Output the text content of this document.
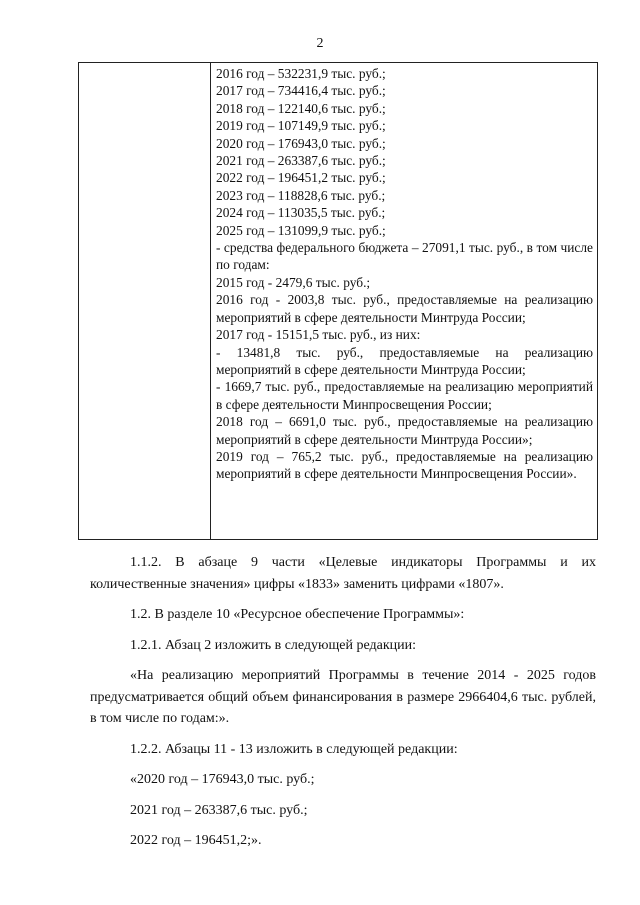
2
2016 год – 532231,9 тыс. руб.;
2017 год – 734416,4 тыс. руб.;
2018 год – 122140,6 тыс. руб.;
2019 год – 107149,9 тыс. руб.;
2020 год – 176943,0 тыс. руб.;
2021 год – 263387,6 тыс. руб.;
2022 год – 196451,2 тыс. руб.;
2023 год – 118828,6 тыс. руб.;
2024 год – 113035,5 тыс. руб.;
2025 год – 131099,9 тыс. руб.;
- средства федерального бюджета – 27091,1 тыс. руб., в том числе по годам:
2015 год - 2479,6 тыс. руб.;
2016 год - 2003,8 тыс. руб., предоставляемые на реализацию мероприятий в сфере деятельности Минтруда России;
2017 год - 15151,5 тыс. руб., из них:
- 13481,8 тыс. руб., предоставляемые на реализацию мероприятий в сфере деятельности Минтруда России;
- 1669,7 тыс. руб., предоставляемые на реализацию мероприятий в сфере деятельности Минпросвещения России;
2018 год – 6691,0 тыс. руб., предоставляемые на реализацию мероприятий в сфере деятельности Минтруда России»;
2019 год – 765,2 тыс. руб., предоставляемые на реализацию мероприятий в сфере деятельности Минпросвещения России».

1.1.2. В абзаце 9 части «Целевые индикаторы Программы и их количественные значения» цифры «1833» заменить цифрами «1807».

1.2. В разделе 10 «Ресурсное обеспечение Программы»:

1.2.1. Абзац 2 изложить в следующей редакции:

«На реализацию мероприятий Программы в течение 2014 - 2025 годов предусматривается общий объем финансирования в размере 2966404,6 тыс. рублей, в том числе по годам:».

1.2.2. Абзацы 11 - 13 изложить в следующей редакции:

«2020 год – 176943,0 тыс. руб.;

2021 год – 263387,6 тыс. руб.;

2022 год – 196451,2;».
